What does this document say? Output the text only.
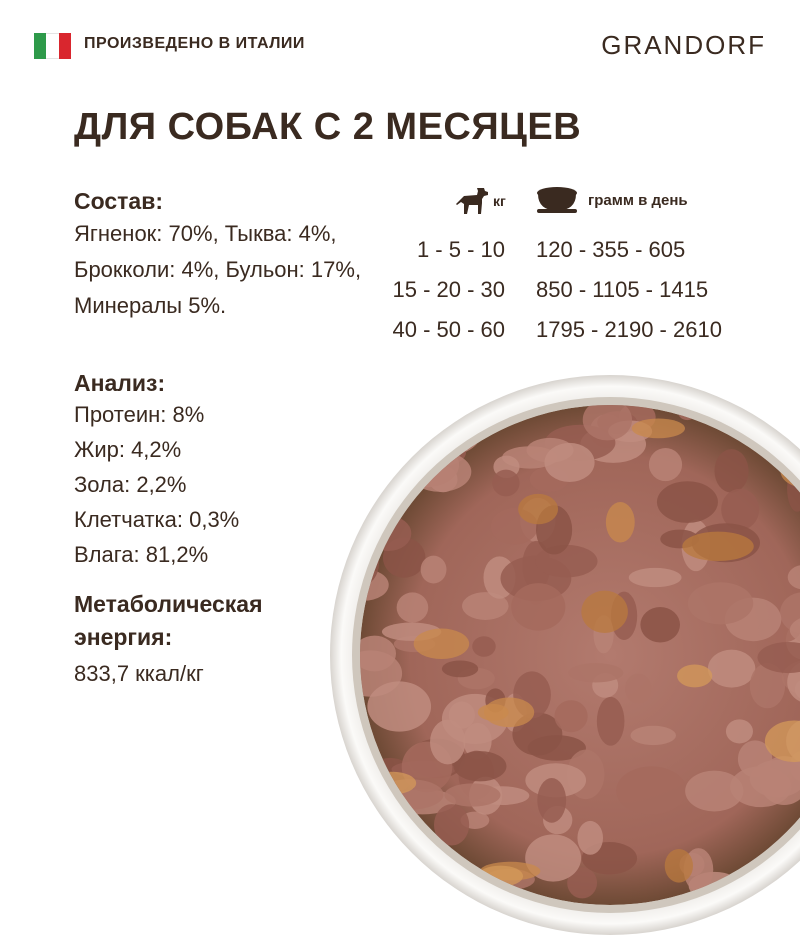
ПРОИЗВЕДЕНО В ИТАЛИИ	GRANDORF
ДЛЯ СОБАК С 2 МЕСЯЦЕВ
Состав:
Ягненок: 70%, Тыква: 4%, Брокколи: 4%, Бульон: 17%, Минералы 5%.
Анализ:
Протеин: 8%
Жир: 4,2%
Зола: 2,2%
Клетчатка: 0,3%
Влага: 81,2%
Метаболическая
энергия:
833,7 ккал/кг
кг	грамм в день
1 - 5 - 10
15 - 20 - 30
40 - 50 - 60
120 - 355 - 605
850 - 1105 - 1415
1795 - 2190 - 2610
